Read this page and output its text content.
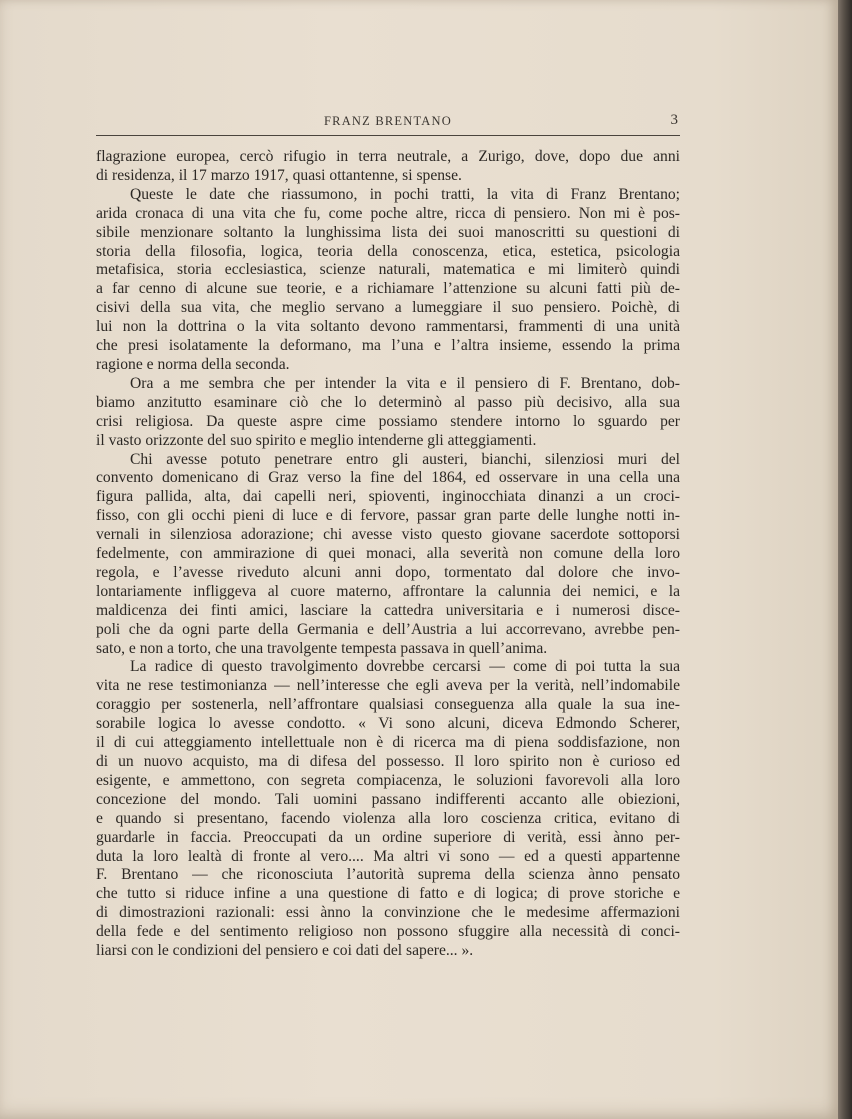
FRANZ BRENTANO	3
flagrazione europea, cercò rifugio in terra neutrale, a Zurigo, dove, dopo due anni
di residenza, il 17 marzo 1917, quasi ottantenne, si spense.
Queste le date che riassumono, in pochi tratti, la vita di Franz Brentano;
arida cronaca di una vita che fu, come poche altre, ricca di pensiero. Non mi è pos-
sibile menzionare soltanto la lunghissima lista dei suoi manoscritti su questioni di
storia della filosofia, logica, teoria della conoscenza, etica, estetica, psicologia
metafisica, storia ecclesiastica, scienze naturali, matematica e mi limiterò quindi
a far cenno di alcune sue teorie, e a richiamare l’attenzione su alcuni fatti più de-
cisivi della sua vita, che meglio servano a lumeggiare il suo pensiero. Poichè, di
lui non la dottrina o la vita soltanto devono rammentarsi, frammenti di una unità
che presi isolatamente la deformano, ma l’una e l’altra insieme, essendo la prima
ragione e norma della seconda.
Ora a me sembra che per intender la vita e il pensiero di F. Brentano, dob-
biamo anzitutto esaminare ciò che lo determinò al passo più decisivo, alla sua
crisi religiosa. Da queste aspre cime possiamo stendere intorno lo sguardo per
il vasto orizzonte del suo spirito e meglio intenderne gli atteggiamenti.
Chi avesse potuto penetrare entro gli austeri, bianchi, silenziosi muri del
convento domenicano di Graz verso la fine del 1864, ed osservare in una cella una
figura pallida, alta, dai capelli neri, spioventi, inginocchiata dinanzi a un croci-
fisso, con gli occhi pieni di luce e di fervore, passar gran parte delle lunghe notti in-
vernali in silenziosa adorazione; chi avesse visto questo giovane sacerdote sottoporsi
fedelmente, con ammirazione di quei monaci, alla severità non comune della loro
regola, e l’avesse riveduto alcuni anni dopo, tormentato dal dolore che invo-
lontariamente infliggeva al cuore materno, affrontare la calunnia dei nemici, e la
maldicenza dei finti amici, lasciare la cattedra universitaria e i numerosi disce-
poli che da ogni parte della Germania e dell’Austria a lui accorrevano, avrebbe pen-
sato, e non a torto, che una travolgente tempesta passava in quell’anima.
La radice di questo travolgimento dovrebbe cercarsi — come di poi tutta la sua
vita ne rese testimonianza — nell’interesse che egli aveva per la verità, nell’indomabile
coraggio per sostenerla, nell’affrontare qualsiasi conseguenza alla quale la sua ine-
sorabile logica lo avesse condotto. « Vi sono alcuni, diceva Edmondo Scherer,
il di cui atteggiamento intellettuale non è di ricerca ma di piena soddisfazione, non
di un nuovo acquisto, ma di difesa del possesso. Il loro spirito non è curioso ed
esigente, e ammettono, con segreta compiacenza, le soluzioni favorevoli alla loro
concezione del mondo. Tali uomini passano indifferenti accanto alle obiezioni,
e quando si presentano, facendo violenza alla loro coscienza critica, evitano di
guardarle in faccia. Preoccupati da un ordine superiore di verità, essi ànno per-
duta la loro lealtà di fronte al vero.... Ma altri vi sono — ed a questi appartenne
F. Brentano — che riconosciuta l’autorità suprema della scienza ànno pensato
che tutto si riduce infine a una questione di fatto e di logica; di prove storiche e
di dimostrazioni razionali: essi ànno la convinzione che le medesime affermazioni
della fede e del sentimento religioso non possono sfuggire alla necessità di conci-
liarsi con le condizioni del pensiero e coi dati del sapere... ».
